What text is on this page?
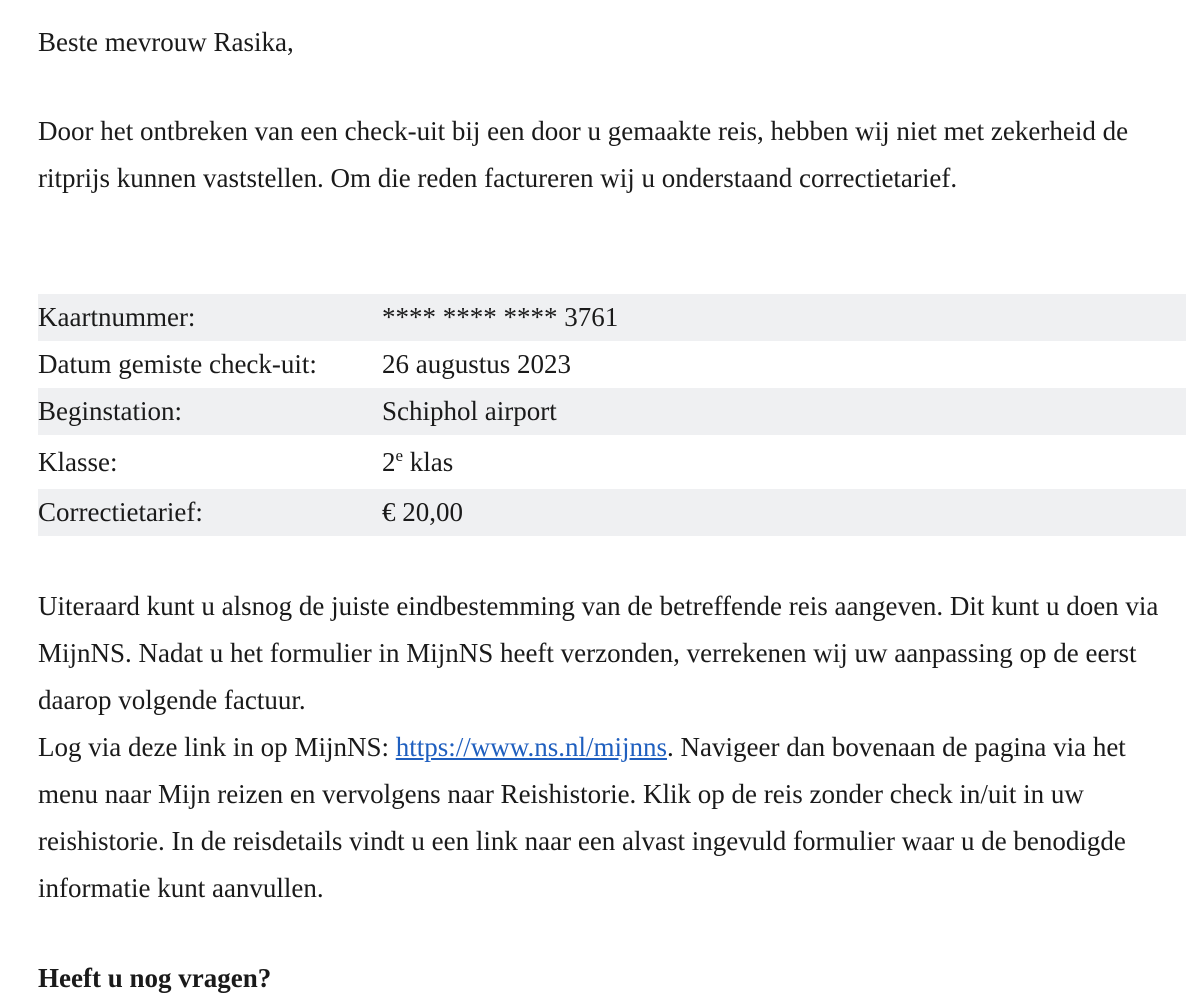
Beste mevrouw Rasika,

Door het ontbreken van een check-uit bij een door u gemaakte reis, hebben wij niet met zekerheid de ritprijs kunnen vaststellen. Om die reden factureren wij u onderstaand correctietarief.

Kaartnummer:	**** **** **** 3761
Datum gemiste check-uit:	26 augustus 2023
Beginstation:	Schiphol airport
Klasse:	2e klas
Correctietarief:	€ 20,00
Uiteraard kunt u alsnog de juiste eindbestemming van de betreffende reis aangeven. Dit kunt u doen via MijnNS. Nadat u het formulier in MijnNS heeft verzonden, verrekenen wij uw aanpassing op de eerst daarop volgende factuur.
Log via deze link in op MijnNS: https://www.ns.nl/mijnns. Navigeer dan bovenaan de pagina via het menu naar Mijn reizen en vervolgens naar Reishistorie. Klik op de reis zonder check in/uit in uw reishistorie. In de reisdetails vindt u een link naar een alvast ingevuld formulier waar u de benodigde informatie kunt aanvullen.

Heeft u nog vragen?
